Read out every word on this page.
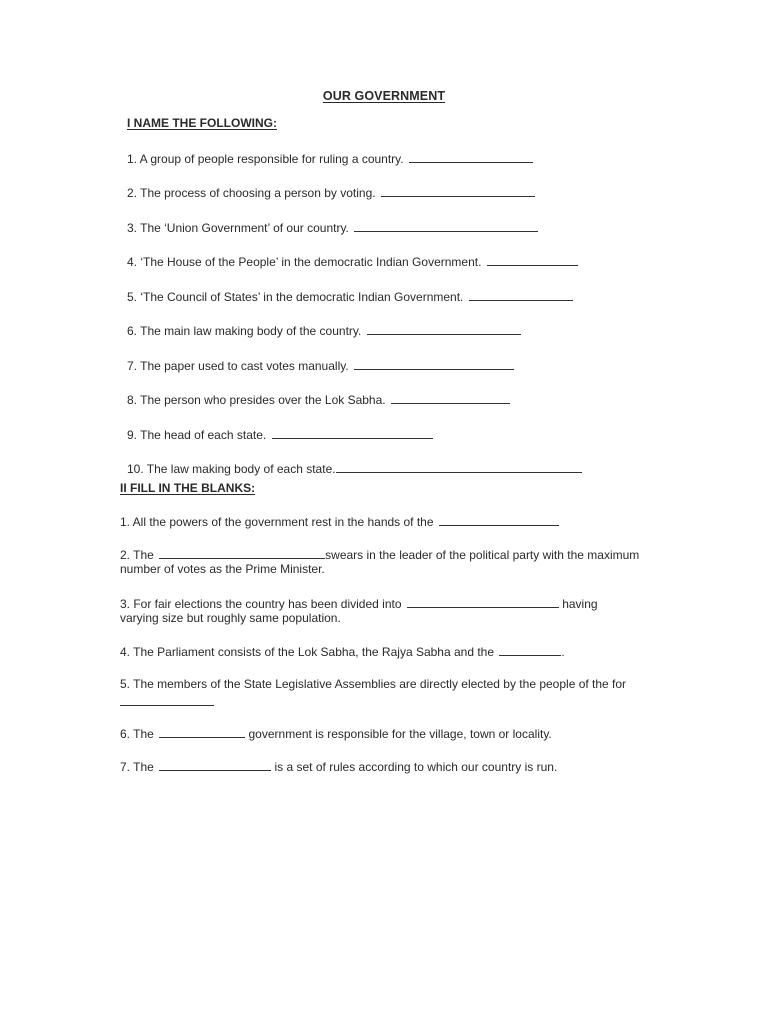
OUR GOVERNMENT
I NAME THE FOLLOWING:
1. A group of people responsible for ruling a country.
2. The process of choosing a person by voting.
3. The ‘Union Government’ of our country.
4. ‘The House of the People’ in the democratic Indian Government.
5. ‘The Council of States’ in the democratic Indian Government.
6. The main law making body of the country.
7. The paper used to cast votes manually.
8. The person who presides over the Lok Sabha.
9. The head of each state.
10. The law making body of each state.
II FILL IN THE BLANKS:
1. All the powers of the government rest in the hands of the
2. The	swears in the leader of the political party with the maximum
number of votes as the Prime Minister.
3. For fair elections the country has been divided into	having
varying size but roughly same population.
4. The Parliament consists of the Lok Sabha, the Rajya Sabha and the	.
5. The members of the State Legislative Assemblies are directly elected by the people of the for
6. The	government is responsible for the village, town or locality.
7. The	is a set of rules according to which our country is run.
